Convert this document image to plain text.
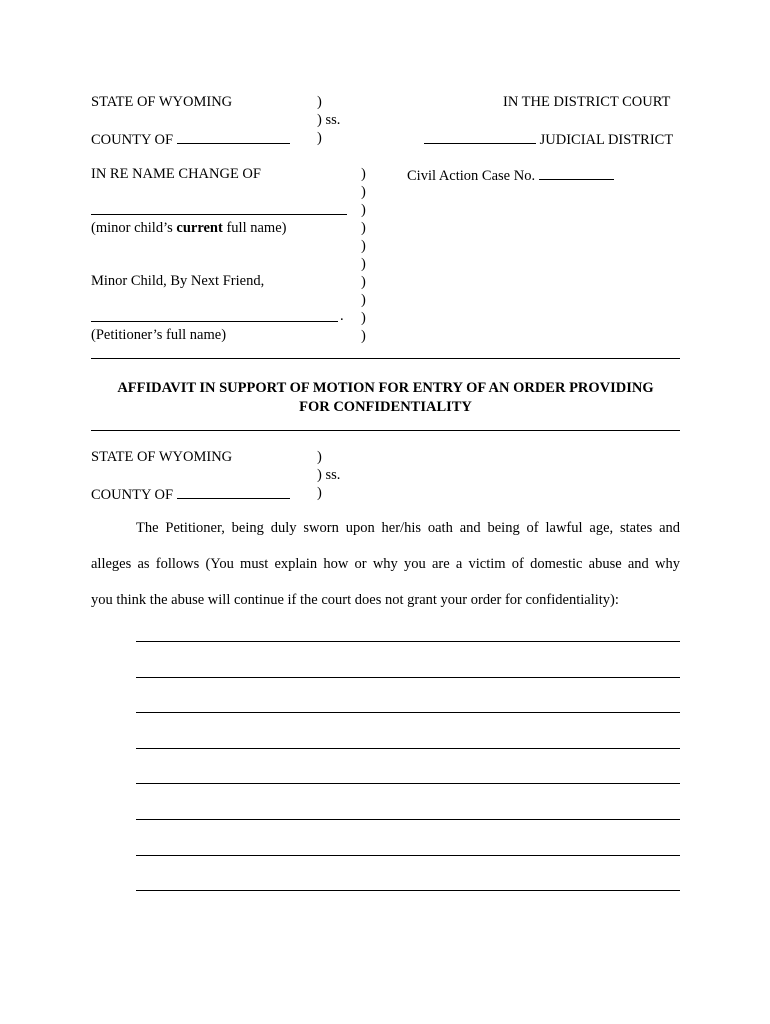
STATE OF WYOMING	)	IN THE DISTRICT COURT
) ss.
COUNTY OF	)	JUDICIAL DISTRICT
IN RE NAME CHANGE OF	Civil Action Case No.
)
)
)
)
)
)
)
)
)
)
(minor child’s current full name)
Minor Child, By Next Friend,
.
(Petitioner’s full name)
AFFIDAVIT IN SUPPORT OF MOTION FOR ENTRY OF AN ORDER PROVIDING
FOR CONFIDENTIALITY
STATE OF WYOMING	)
) ss.
COUNTY OF	)
The Petitioner, being duly sworn upon her/his oath and being of lawful age, states and
alleges as follows (You must explain how or why you are a victim of domestic abuse and why
you think the abuse will continue if the court does not grant your order for confidentiality):
